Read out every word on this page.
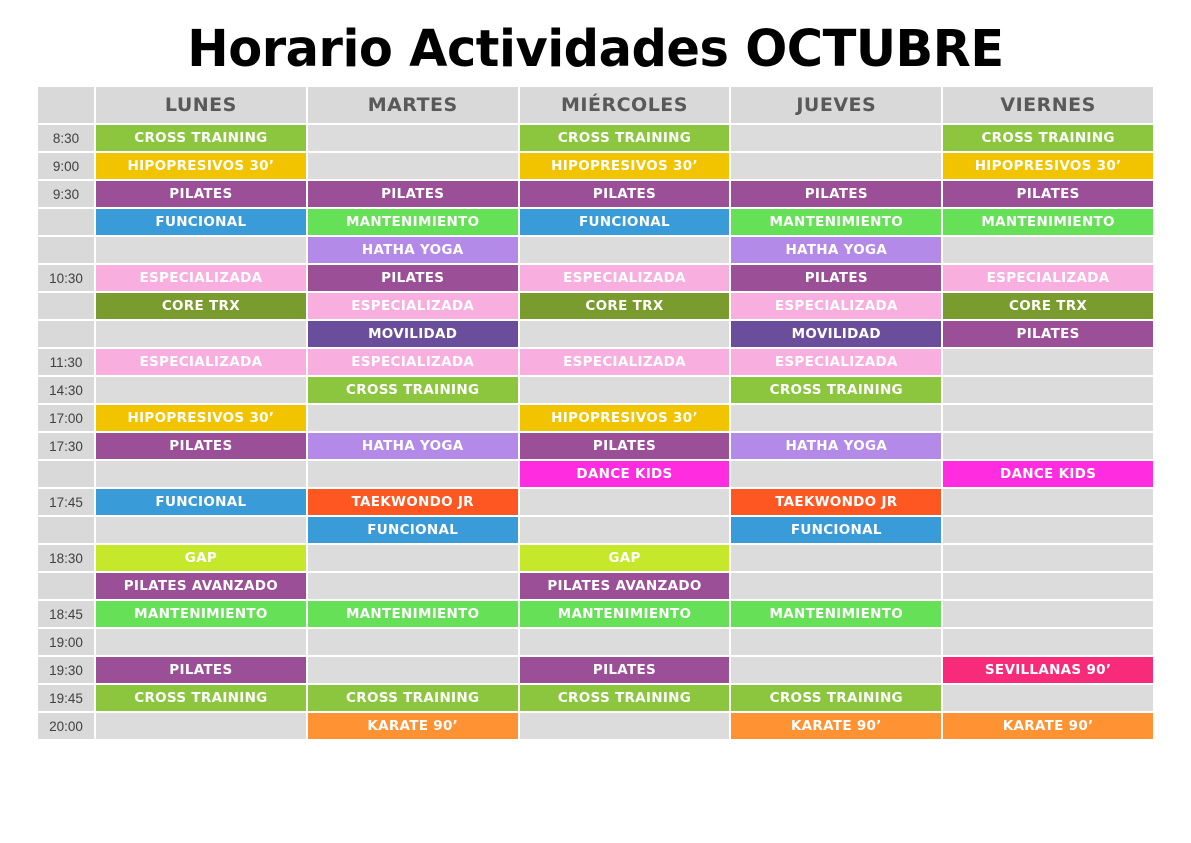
Horario Actividades OCTUBRE
	LUNES	MARTES	MIÉRCOLES	JUEVES	VIERNES
8:30	CROSS TRAINING		CROSS TRAINING		CROSS TRAINING
9:00	HIPOPRESIVOS 30’		HIPOPRESIVOS 30’		HIPOPRESIVOS 30’
9:30	PILATES	PILATES	PILATES	PILATES	PILATES
	FUNCIONAL	MANTENIMIENTO	FUNCIONAL	MANTENIMIENTO	MANTENIMIENTO
		HATHA YOGA		HATHA YOGA	
10:30	ESPECIALIZADA	PILATES	ESPECIALIZADA	PILATES	ESPECIALIZADA
	CORE TRX	ESPECIALIZADA	CORE TRX	ESPECIALIZADA	CORE TRX
		MOVILIDAD		MOVILIDAD	PILATES
11:30	ESPECIALIZADA	ESPECIALIZADA	ESPECIALIZADA	ESPECIALIZADA	
14:30		CROSS TRAINING		CROSS TRAINING	
17:00	HIPOPRESIVOS 30’		HIPOPRESIVOS 30’		
17:30	PILATES	HATHA YOGA	PILATES	HATHA YOGA	
			DANCE KIDS		DANCE KIDS
17:45	FUNCIONAL	TAEKWONDO JR		TAEKWONDO JR	
		FUNCIONAL		FUNCIONAL	
18:30	GAP		GAP		
	PILATES AVANZADO		PILATES AVANZADO		
18:45	MANTENIMIENTO	MANTENIMIENTO	MANTENIMIENTO	MANTENIMIENTO	
19:00					
19:30	PILATES		PILATES		SEVILLANAS 90’
19:45	CROSS TRAINING	CROSS TRAINING	CROSS TRAINING	CROSS TRAINING	
20:00		KARATE 90’		KARATE 90’	KARATE 90’
